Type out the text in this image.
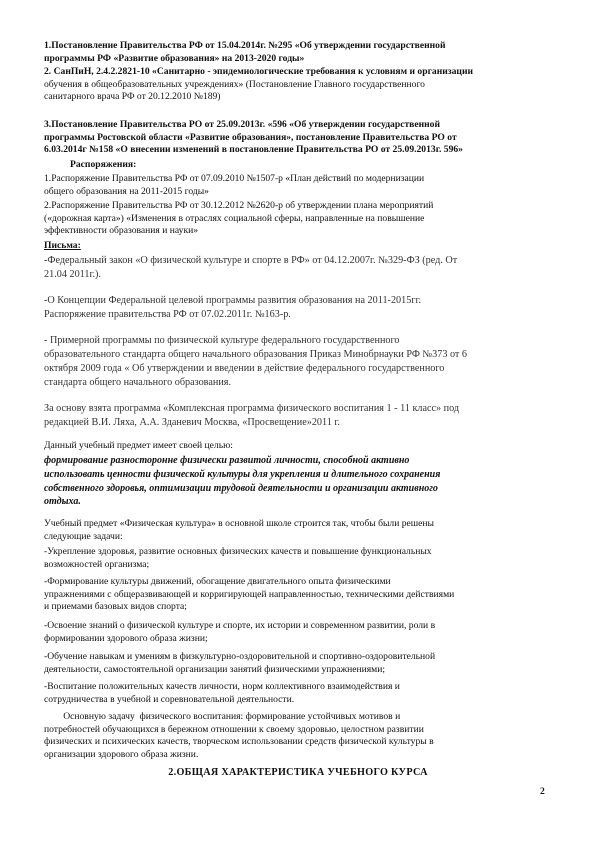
1.Постановление Правительства РФ от 15.04.2014г. №295 «Об утверждении государственной
программы РФ «Развитие образования» на 2013-2020 годы»
2. СанПиН, 2.4.2.2821-10 «Санитарно - эпидемиологические требования к условиям и организации
обучения в общеобразовательных учреждениях» (Постановление Главного государственного
санитарного врача РФ от 20.12.2010 №189)
3.Постановление Правительства РО от 25.09.2013г. «596 «Об утверждении государственной
программы Ростовской области «Развитие образования», постановление Правительства РО от
6.03.2014г №158 «О внесении изменений в постановление Правительства РО от 25.09.2013г. 596»
Распоряжения:
1.Распоряжение Правительства РФ от 07.09.2010 №1507-р «План действий по модернизации
общего образования на 2011-2015 годы»
2.Распоряжение Правительства РФ от 30.12.2012 №2620-р об утверждении плана мероприятий
(«дорожная карта») «Изменения в отраслях социальной сферы, направленные на повышение
эффективности образования и науки»
Письма:
-Федеральный закон «О физической культуре и спорте в РФ» от 04.12.2007г. №329-ФЗ (ред. От
21.04 2011г.).
-О Концепции Федеральной целевой программы развития образования на 2011-2015гг.
Распоряжение правительства РФ от 07.02.2011г. №163-р.
- Примерной программы по физической культуре федерального государственного
образовательного стандарта общего начального образования Приказ Минобрнауки РФ №373 от 6
октября 2009 года « Об утверждении и введении в действие федерального государственного
стандарта общего начального образования.
За основу взята программа «Комплексная программа физического воспитания 1 - 11 класс» под
редакцией В.И. Ляха, А.А. Зданевич Москва, «Просвещение»2011 г.
Данный учебный предмет имеет своей целью:
формирование разносторонне физически развитой личности, способной активно
использовать ценности физической культуры для укрепления и длительного сохранения
собственного здоровья, оптимизации трудовой деятельности и организации активного
отдыха.
Учебный предмет «Физическая культура» в основной школе строится так, чтобы были решены
следующие задачи:
-Укрепление здоровья, развитие основных физических качеств и повышение функциональных
возможностей организма;
-Формирование культуры движений, обогащение двигательного опыта физическими
упражнениями с общеразвивающей и корригирующей направленностью, техническими действиями
и приемами базовых видов спорта;
-Освоение знаний о физической культуре и спорте, их истории и современном развитии, роли в
формировании здорового образа жизни;
-Обучение навыкам и умениям в физкультурно-оздоровительной и спортивно-оздоровительной
деятельности, самостоятельной организации занятий физическими упражнениями;
-Воспитание положительных качеств личности, норм коллективного взаимодействия и
сотрудничества в учебной и соревновательной деятельности.
Основную задачу  физического воспитания: формирование устойчивых мотивов и
потребностей обучающихся в бережном отношении к своему здоровью, целостном развитии
физических и психических качеств, творческом использовании средств физической культуры в
организации здорового образа жизни.
2.ОБЩАЯ ХАРАКТЕРИСТИКА УЧЕБНОГО КУРСА
2
